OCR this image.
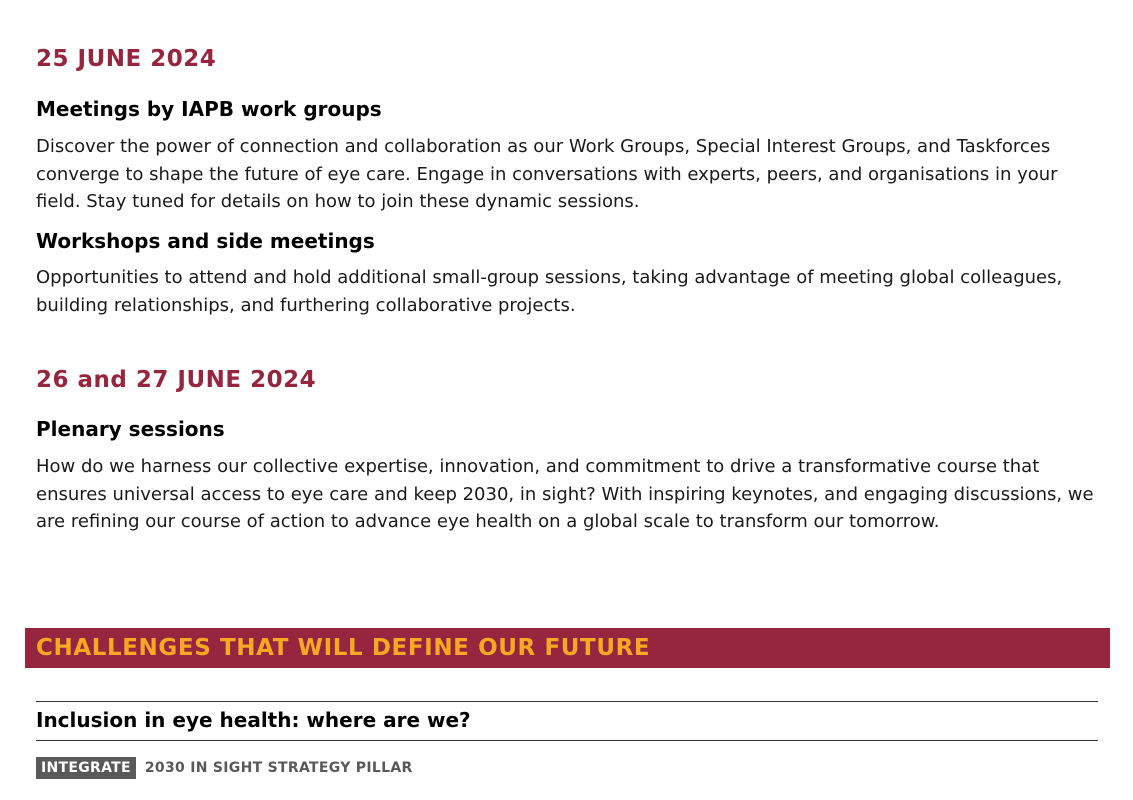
25 JUNE 2024
Meetings by IAPB work groups

Discover the power of connection and collaboration as our Work Groups, Special Interest Groups, and Taskforces converge to shape the future of eye care. Engage in conversations with experts, peers, and organisations in your field. Stay tuned for details on how to join these dynamic sessions.

Workshops and side meetings

Opportunities to attend and hold additional small-group sessions, taking advantage of meeting global colleagues, building relationships, and furthering collaborative projects.

26 and 27 JUNE 2024
Plenary sessions

How do we harness our collective expertise, innovation, and commitment to drive a transformative course that ensures universal access to eye care and keep 2030, in sight? With inspiring keynotes, and engaging discussions, we are refining our course of action to advance eye health on a global scale to transform our tomorrow.

CHALLENGES THAT WILL DEFINE OUR FUTURE
Inclusion in eye health: where are we?
INTEGRATE	2030 IN SIGHT STRATEGY PILLAR
